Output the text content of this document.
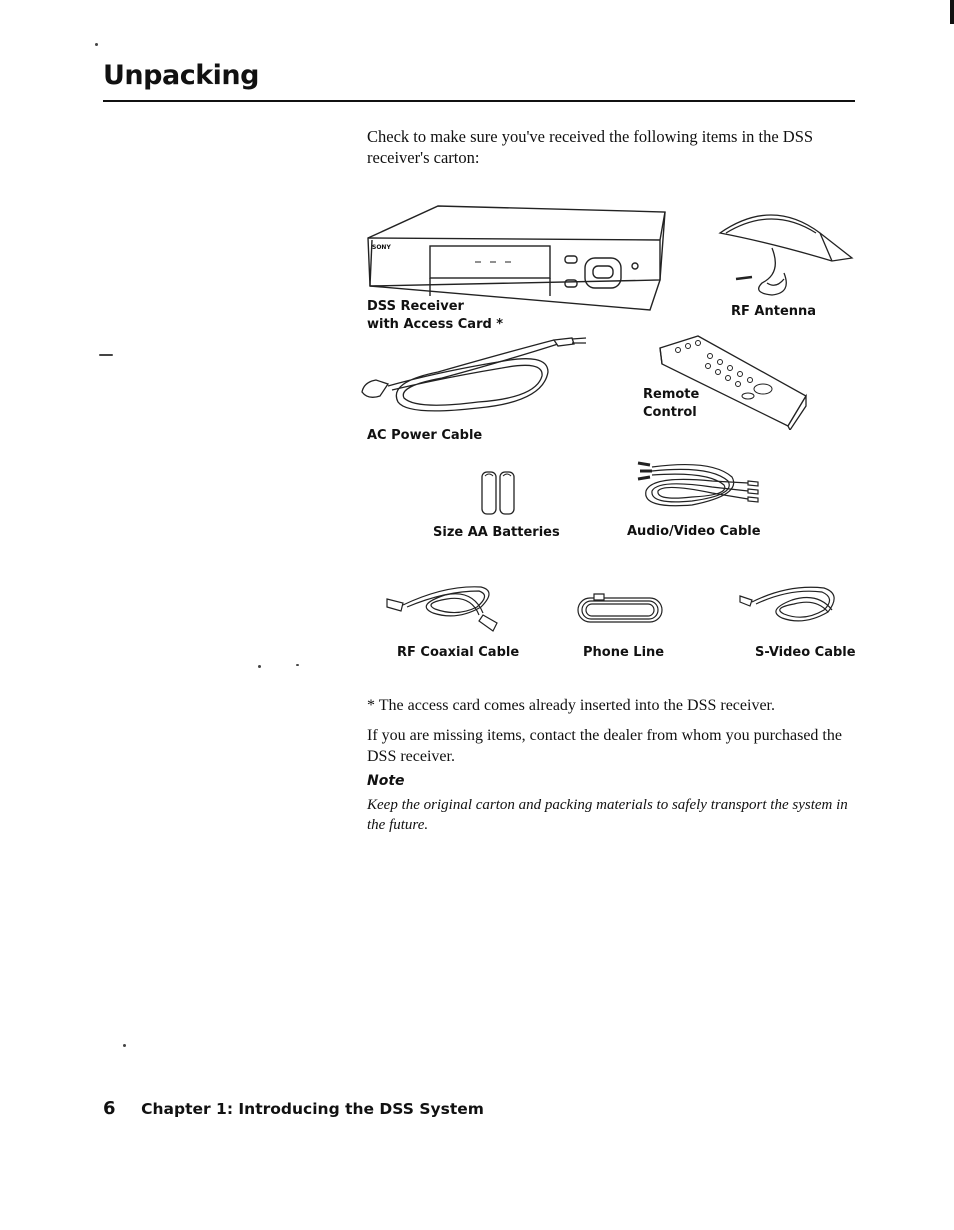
Unpacking

Check to make sure you've received the following items in the DSS receiver's carton:

SONY

DSS Receiver
with Access Card *

RF Antenna

AC Power Cable

Remote
Control

Size AA Batteries	Audio/Video Cable

RF Coaxial Cable	Phone Line	S-Video Cable

* The access card comes already inserted into the DSS receiver.

If you are missing items, contact the dealer from whom you purchased the DSS receiver.

Note

Keep the original carton and packing materials to safely transport the system in the future.

6 Chapter 1: Introducing the DSS System
